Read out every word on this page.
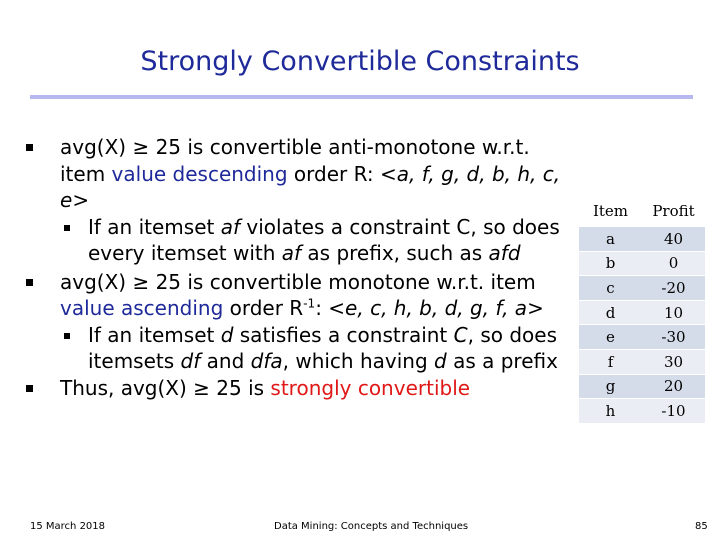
Strongly Convertible Constraints
avg(X) ≥ 25 is convertible anti-monotone w.r.t. item value descending order R: <a, f, g, d, b, h, c, e>
If an itemset af violates a constraint C, so does every itemset with af as prefix, such as afd
avg(X) ≥ 25 is convertible monotone w.r.t. item value ascending order $R^{-1}$: <e, c, h, b, d, g, f, a>
If an itemset d satisfies a constraint C, so does itemsets df and dfa, which having d as a prefix
Thus, avg(X) ≥ 25 is strongly convertible
Item	Profit
a	40
b	0
c	-20
d	10
e	-30
f	30
g	20
h	-10
15 March 2018	Data Mining: Concepts and Techniques	85
